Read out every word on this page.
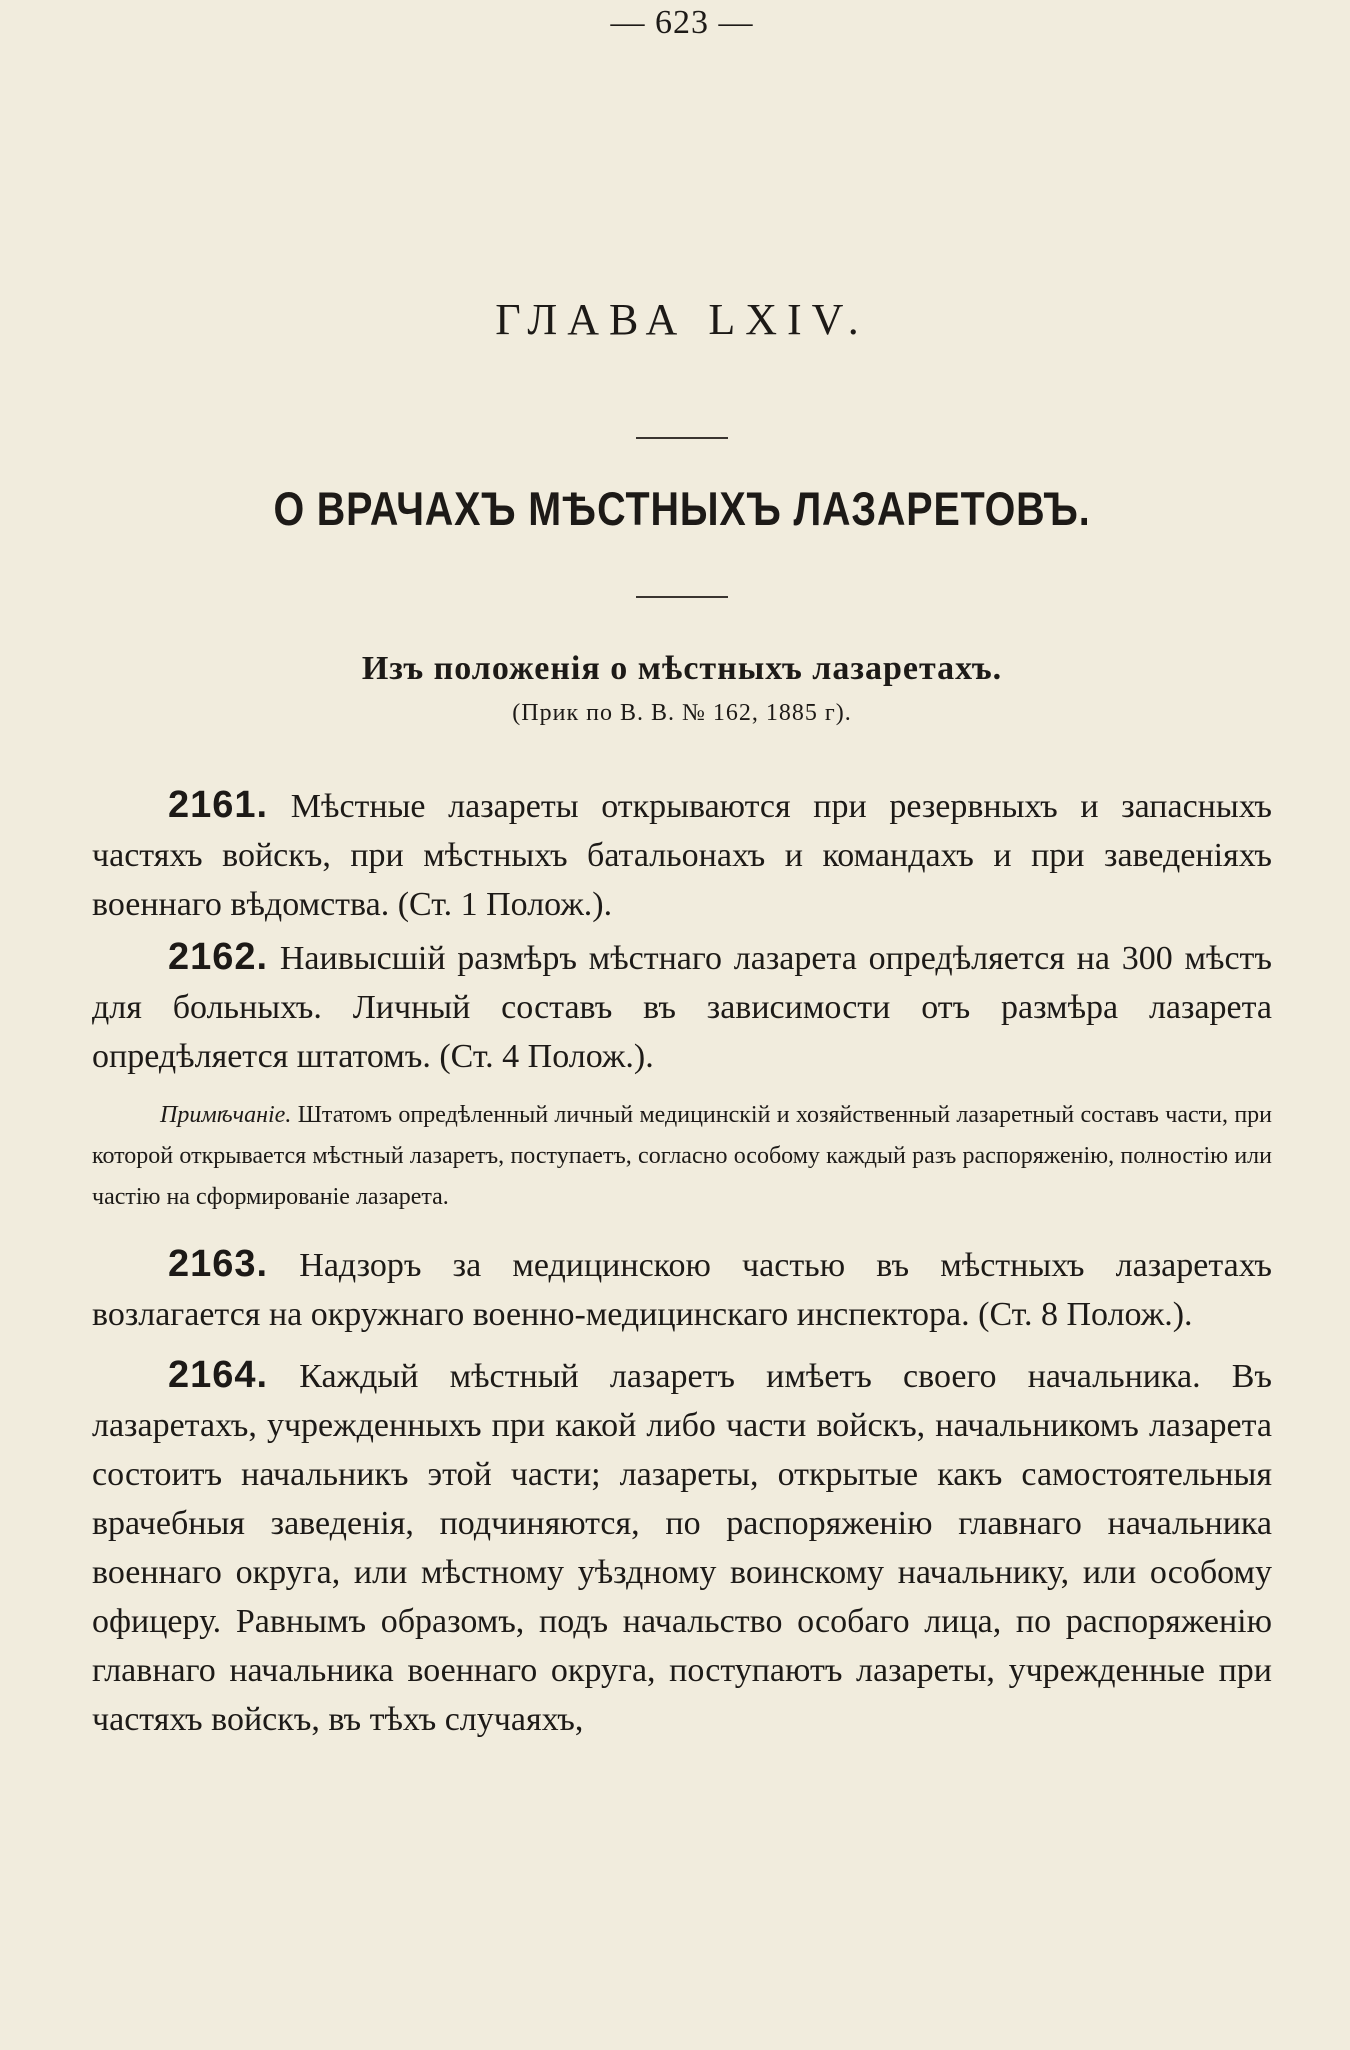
— 623 —
ГЛАВА LXIV.
О ВРАЧАХЪ МѢСТНЫХЪ ЛАЗАРЕТОВЪ.
Изъ положенія о мѣстныхъ лазаретахъ.
(Прик по В. В. № 162, 1885 г).

2161. Мѣстные лазареты открываются при резервныхъ и запасныхъ частяхъ войскъ, при мѣстныхъ батальонахъ и командахъ и при заведеніяхъ военнаго вѣдомства. (Ст. 1 Полож.).

2162. Наивысшій размѣръ мѣстнаго лазарета опредѣляется на 300 мѣстъ для больныхъ. Личный составъ въ зависимости отъ размѣра лазарета опредѣляется штатомъ. (Ст. 4 Полож.).

Примѣчаніе. Штатомъ опредѣленный личный медицинскій и хозяйственный лазаретный составъ части, при которой открывается мѣстный лазаретъ, поступаетъ, согласно особому каждый разъ распоряженію, полностію или частію на сформированіе лазарета.

2163. Надзоръ за медицинскою частью въ мѣстныхъ лазаретахъ возлагается на окружнаго военно-медицинскаго инспектора. (Ст. 8 Полож.).

2164. Каждый мѣстный лазаретъ имѣетъ своего начальника. Въ лазаретахъ, учрежденныхъ при какой либо части войскъ, начальникомъ лазарета состоитъ начальникъ этой части; лазареты, открытые какъ самостоятельныя врачебныя заведенія, подчиняются, по распоряженію главнаго начальника военнаго округа, или мѣстному уѣздному воинскому начальнику, или особому офицеру. Равнымъ образомъ, подъ начальство особаго лица, по распоряженію главнаго начальника военнаго округа, поступаютъ лазареты, учрежденные при частяхъ войскъ, въ тѣхъ случаяхъ,
